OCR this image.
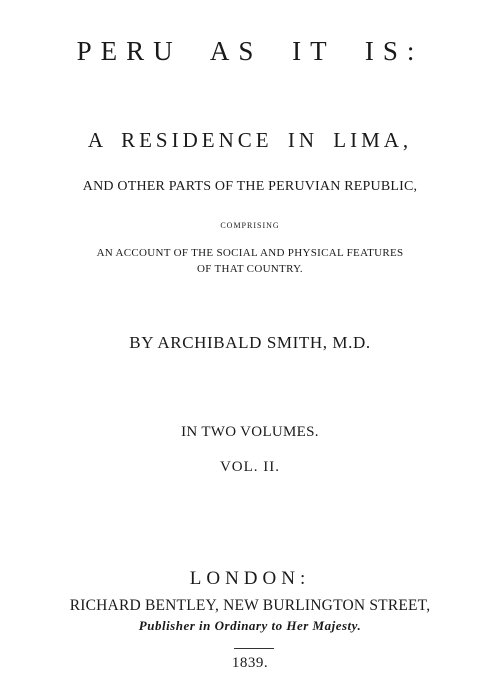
PERU AS IT IS:
A RESIDENCE IN LIMA,
AND OTHER PARTS OF THE PERUVIAN REPUBLIC,
COMPRISING
AN ACCOUNT OF THE SOCIAL AND PHYSICAL FEATURES
OF THAT COUNTRY.
BY ARCHIBALD SMITH, M.D.
IN TWO VOLUMES.
VOL. II.
LONDON:
RICHARD BENTLEY, NEW BURLINGTON STREET,
Publisher in Ordinary to Her Majesty.
1839.
